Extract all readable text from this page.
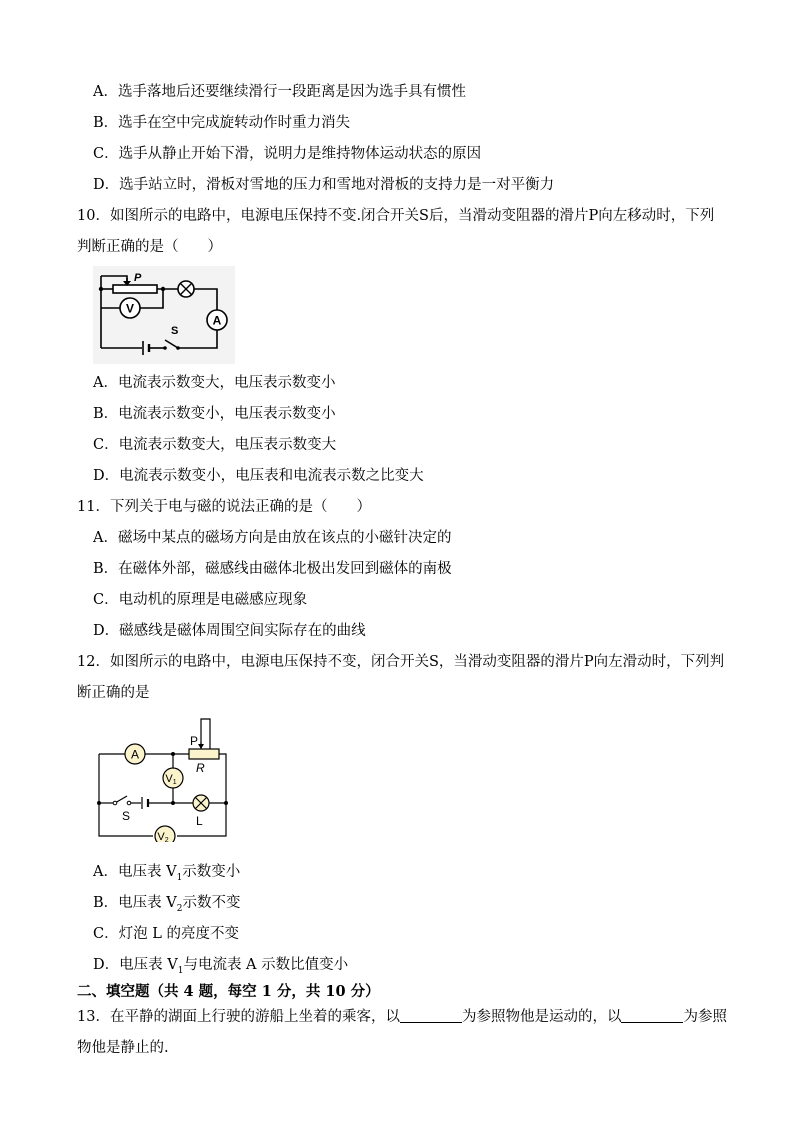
A．选手落地后还要继续滑行一段距离是因为选手具有惯性
B．选手在空中完成旋转动作时重力消失
C．选手从静止开始下滑，说明力是维持物体运动状态的原因
D．选手站立时，滑板对雪地的压力和雪地对滑板的支持力是一对平衡力
10．如图所示的电路中，电源电压保持不变.闭合开关S后，当滑动变阻器的滑片P向左移动时，下列
判断正确的是（　　）
V
A
P
S
A．电流表示数变大，电压表示数变小
B．电流表示数变小，电压表示数变小
C．电流表示数变大，电压表示数变大
D．电流表示数变小，电压表和电流表示数之比变大
11．下列关于电与磁的说法正确的是（　　）
A．磁场中某点的磁场方向是由放在该点的小磁针决定的
B．在磁体外部，磁感线由磁体北极出发回到磁体的南极
C．电动机的原理是电磁感应现象
D．磁感线是磁体周围空间实际存在的曲线
12．如图所示的电路中，电源电压保持不变，闭合开关S，当滑动变阻器的滑片P向左滑动时，下列判
断正确的是
A
V1
V2
P
R
S	L
A．电压表 $V_1$示数变小
B．电压表 $V_2$示数不变
C．灯泡 L 的亮度不变
D．电压表 $V_1$与电流表 A 示数比值变小
二、填空题（共 4 题，每空 1 分，共 10 分）
13．在平静的湖面上行驶的游船上坐着的乘客，以	为参照物他是运动的，以	为参照
物他是静止的.
